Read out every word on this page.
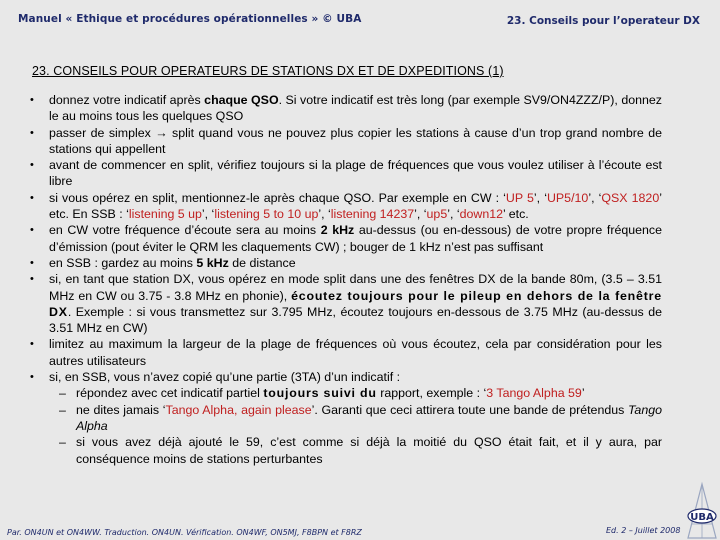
Manuel « Ethique et procédures opérationnelles » © UBA	23. Conseils pour l’operateur DX
23. CONSEILS POUR OPERATEURS DE STATIONS DX ET DE DXPEDITIONS (1)
• donnez votre indicatif après chaque QSO. Si votre indicatif est très long (par exemple SV9/ON4ZZZ/P), donnez le au moins tous les quelques QSO
• passer de simplex → split quand vous ne pouvez plus copier les stations à cause d’un trop grand nombre de stations qui appellent
• avant de commencer en split, vérifiez toujours si la plage de fréquences que vous voulez utiliser à l’écoute est libre
• si vous opérez en split, mentionnez-le après chaque QSO. Par exemple en CW : ‘UP 5’, ‘UP5/10’, ‘QSX 1820’ etc. En SSB : ‘listening 5 up’, ‘listening 5 to 10 up’, ‘listening 14237’, ‘up5’, ‘down12’ etc.
• en CW votre fréquence d’écoute sera au moins 2 kHz au-dessus (ou en-dessous) de votre propre fréquence d’émission (pout éviter le QRM les claquements CW) ; bouger de 1 kHz n’est pas suffisant
• en SSB : gardez au moins 5 kHz de distance
• si, en tant que station DX, vous opérez en mode split dans une des fenêtres DX de la bande 80m, (3.5 – 3.51 MHz en CW ou 3.75 - 3.8 MHz en phonie), écoutez toujours pour le pileup en dehors de la fenêtre DX. Exemple : si vous transmettez sur 3.795 MHz, écoutez toujours en-dessous de 3.75 MHz (au-dessus de 3.51 MHz en CW)
• limitez au maximum la largeur de la plage de fréquences où vous écoutez, cela par considération pour les autres utilisateurs
• si, en SSB, vous n’avez copié qu’une partie (3TA) d’un indicatif :
– répondez avec cet indicatif partiel toujours suivi du rapport, exemple : ‘3 Tango Alpha 59’
– ne dites jamais ‘Tango Alpha, again please’. Garanti que ceci attirera toute une bande de prétendus Tango Alpha
– si vous avez déjà ajouté le 59, c’est comme si déjà la moitié du QSO était fait, et il y aura, par conséquence moins de stations perturbantes
Par. ON4UN et ON4WW. Traduction. ON4UN. Vérification. ON4WF, ON5MJ, F8BPN et F8RZ	Ed. 2 – Juillet 2008
UBA
